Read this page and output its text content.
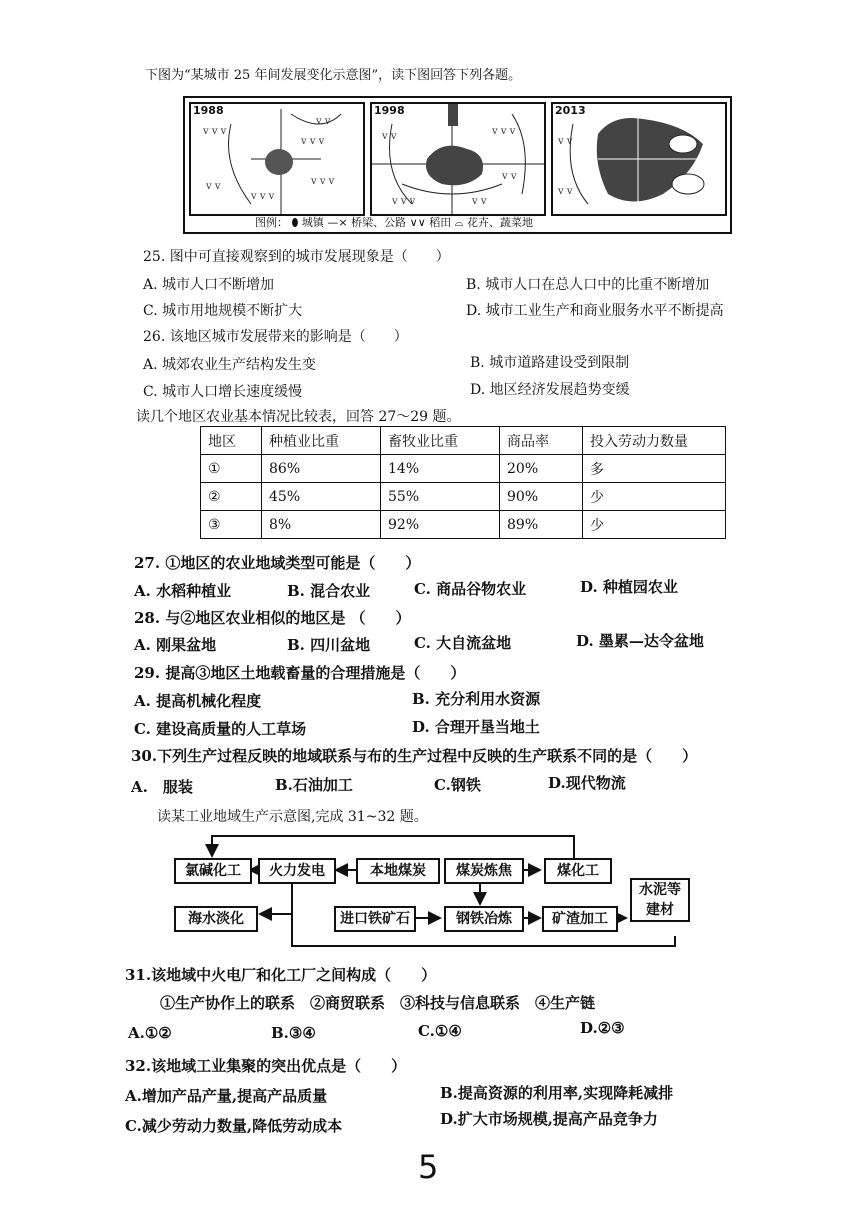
下图为“某城市 25 年间发展变化示意图”，读下图回答下列各题。
v v v
v v v
v v v
v v
v v v
v v
1988
v v	v v v
v v
v v v	v v
1998
v v
v v
2013
图例： ⬮ 城镇 —× 桥梁、公路 ∨∨ 稻田 ⌓ 花卉、蔬菜地
25. 图中可直接观察到的城市发展现象是（　　）
A. 城市人口不断增加	B. 城市人口在总人口中的比重不断增加
C. 城市用地规模不断扩大	D. 城市工业生产和商业服务水平不断提高
26. 该地区城市发展带来的影响是（　　）
A. 城郊农业生产结构发生变	B. 城市道路建设受到限制
C. 城市人口增长速度缓慢	D. 地区经济发展趋势变缓
读几个地区农业基本情况比较表，回答 27～29 题。
地区	种植业比重	畜牧业比重	商品率	投入劳动力数量
①	86%	14%	20%	多
②	45%	55%	90%	少
③	8%	92%	89%	少
27. ①地区的农业地域类型可能是（　　）
A. 水稻种植业	B. 混合农业	C. 商品谷物农业	D. 种植园农业
28. 与②地区农业相似的地区是 （　　）
A. 刚果盆地	B. 四川盆地	C. 大自流盆地	D. 墨累—达令盆地
29. 提高③地区土地载畜量的合理措施是（　　）
A. 提高机械化程度	B. 充分利用水资源
C. 建设高质量的人工草场	D. 合理开垦当地土
30.下列生产过程反映的地域联系与布的生产过程中反映的生产联系不同的是（　　）
A.　服装	B.石油加工	C.钢铁	D.现代物流
读某工业地域生产示意图,完成 31~32 题。
氯碱化工	火力发电	本地煤炭	煤炭炼焦	煤化工
海水淡化	进口铁矿石	钢铁冶炼	矿渣加工
水泥等
建材
31.该地域中火电厂和化工厂之间构成（　　）
①生产协作上的联系　②商贸联系　③科技与信息联系　④生产链
A.①②	B.③④	C.①④	D.②③
32.该地域工业集聚的突出优点是（　　）
A.增加产品产量,提高产品质量	B.提高资源的利用率,实现降耗减排
C.减少劳动力数量,降低劳动成本	D.扩大市场规模,提高产品竞争力
5
